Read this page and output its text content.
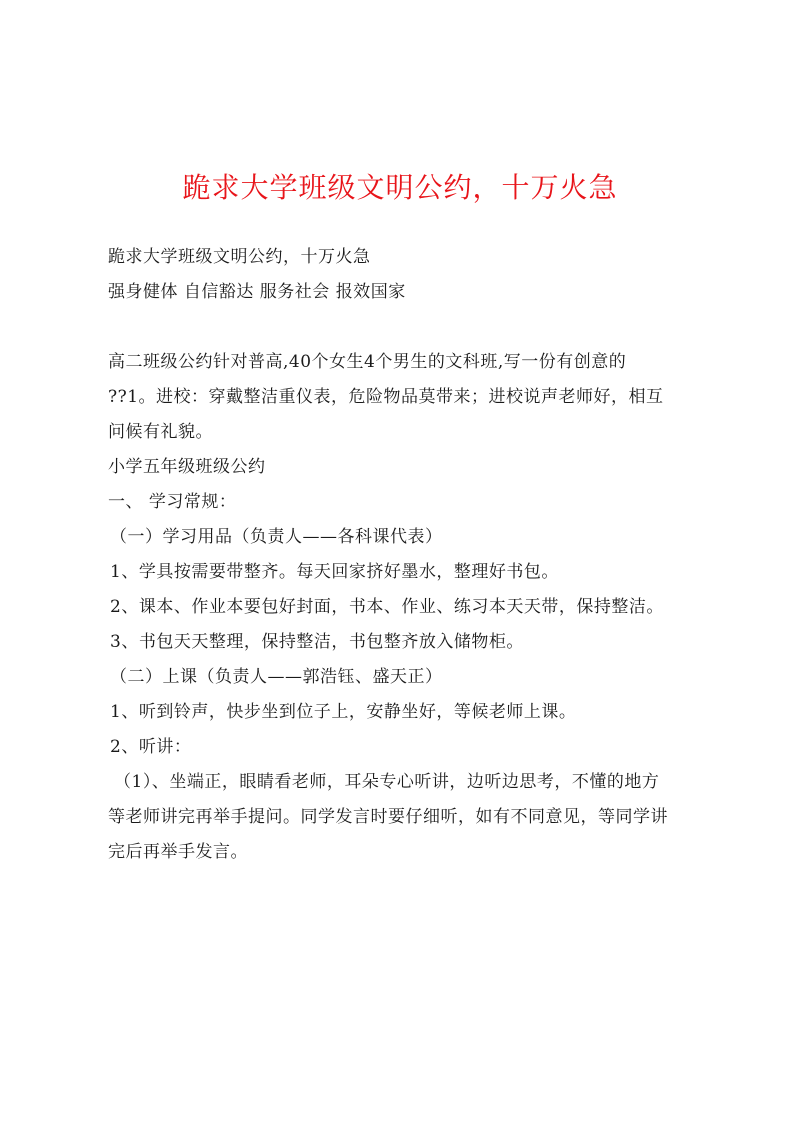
跪求大学班级文明公约，十万火急

跪求大学班级文明公约，十万火急

强身健体 自信豁达 服务社会 报效国家

高二班级公约针对普高,40个女生4个男生的文科班,写一份有创意的

??1。进校：穿戴整洁重仪表，危险物品莫带来；进校说声老师好，相互

问候有礼貌。

小学五年级班级公约

一、 学习常规：

（一）学习用品（负责人——各科课代表）

1、学具按需要带整齐。每天回家挤好墨水，整理好书包。

2、课本、作业本要包好封面，书本、作业、练习本天天带，保持整洁。

3、书包天天整理，保持整洁，书包整齐放入储物柜。

（二）上课（负责人——郭浩钰、盛天正）

1、听到铃声，快步坐到位子上，安静坐好，等候老师上课。

2、听讲：

（1）、坐端正，眼睛看老师，耳朵专心听讲，边听边思考，不懂的地方

等老师讲完再举手提问。同学发言时要仔细听，如有不同意见，等同学讲

完后再举手发言。
